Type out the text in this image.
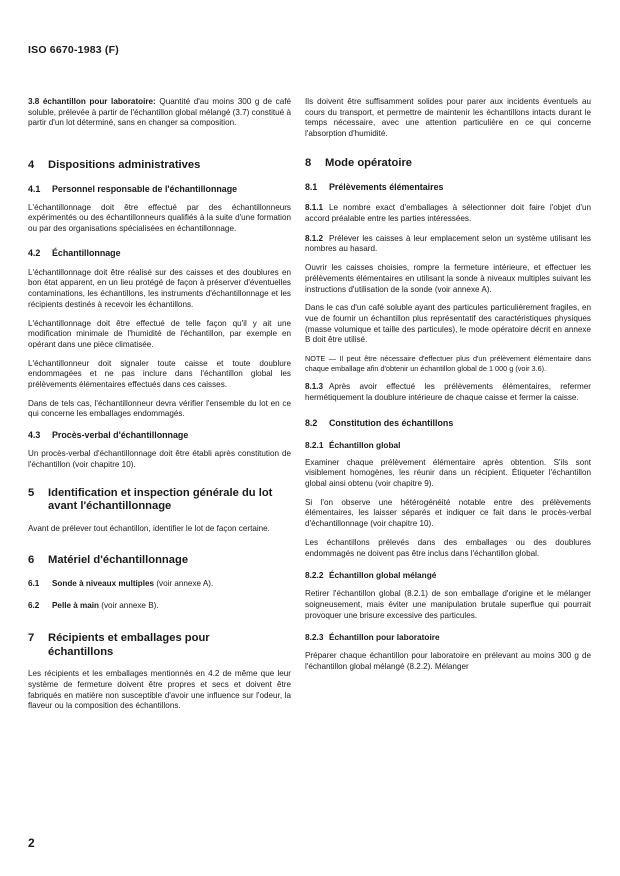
ISO 6670-1983 (F)

3.8 échantillon pour laboratoire: Quantité d'au moins 300 g de café soluble, prélevée à partir de l'échantillon global mélangé (3.7) constitué à partir d'un lot déterminé, sans en changer sa composition.

4 Dispositions administratives
4.1 Personnel responsable de l'échantillonnage

L'échantillonnage doit être effectué par des échantillonneurs expérimentés ou des échantillonneurs qualifiés à la suite d'une formation ou par des organisations spécialisées en échantillonnage.

4.2 Échantillonnage

L'échantillonnage doit être réalisé sur des caisses et des doublures en bon état apparent, en un lieu protégé de façon à préserver d'éventuelles contaminations, les échantillons, les instruments d'échantillonnage et les récipients destinés à recevoir les échantillons.

L'échantillonnage doit être effectué de telle façon qu'il y ait une modification minimale de l'humidité de l'échantillon, par exemple en opérant dans une pièce climatisée.

L'échantillonneur doit signaler toute caisse et toute doublure endommagées et ne pas inclure dans l'échantillon global les prélèvements élémentaires effectués dans ces caisses.

Dans de tels cas, l'échantillonneur devra vérifier l'ensemble du lot en ce qui concerne les emballages endommagés.

4.3 Procès-verbal d'échantillonnage

Un procès-verbal d'échantillonnage doit être établi après constitution de l'échantillon (voir chapitre 10).

5 Identification et inspection générale du lot
avant l'échantillonnage

Avant de prélever tout échantillon, identifier le lot de façon certaine.

6 Matériel d'échantillonnage

6.1 Sonde à niveaux multiples (voir annexe A).

6.2 Pelle à main (voir annexe B).

7 Récipients et emballages pour
échantillons

Les récipients et les emballages mentionnés en 4.2 de même que leur système de fermeture doivent être propres et secs et doivent être fabriqués en matière non susceptible d'avoir une influence sur l'odeur, la flaveur ou la composition des échantillons.

Ils doivent être suffisamment solides pour parer aux incidents éventuels au cours du transport, et permettre de maintenir les échantillons intacts durant le temps nécessaire, avec une attention particulière en ce qui concerne l'absorption d'humidité.

8 Mode opératoire
8.1 Prélèvements élémentaires

8.1.1 Le nombre exact d'emballages à sélectionner doit faire l'objet d'un accord préalable entre les parties intéressées.

8.1.2 Prélever les caisses à leur emplacement selon un système utilisant les nombres au hasard.

Ouvrir les caisses choisies, rompre la fermeture intérieure, et effectuer les prélèvements élémentaires en utilisant la sonde à niveaux multiples suivant les instructions d'utilisation de la sonde (voir annexe A).

Dans le cas d'un café soluble ayant des particules particulièrement fragiles, en vue de fournir un échantillon plus représentatif des caractéristiques physiques (masse volumique et taille des particules), le mode opératoire décrit en annexe B doit être utilisé.

NOTE — Il peut être nécessaire d'effectuer plus d'un prélèvement élémentaire dans chaque emballage afin d'obtenir un échantillon global de 1 000 g (voir 3.6).

8.1.3 Après avoir effectué les prélèvements élémentaires, refermer hermétiquement la doublure intérieure de chaque caisse et fermer la caisse.

8.2 Constitution des échantillons
8.2.1 Échantillon global

Examiner chaque prélèvement élémentaire après obtention. S'ils sont visiblement homogènes, les réunir dans un récipient. Étiqueter l'échantillon global ainsi obtenu (voir chapitre 9).

Si l'on observe une hétérogénéité notable entre des prélèvements élémentaires, les laisser séparés et indiquer ce fait dans le procès-verbal d'échantillonnage (voir chapitre 10).

Les échantillons prélevés dans des emballages ou des doublures endommagés ne doivent pas être inclus dans l'échantillon global.

8.2.2 Échantillon global mélangé

Retirer l'échantillon global (8.2.1) de son emballage d'origine et le mélanger soigneusement, mais éviter une manipulation brutale superflue qui pourrait provoquer une brisure excessive des particules.

8.2.3 Échantillon pour laboratoire

Préparer chaque échantillon pour laboratoire en prélevant au moins 300 g de l'échantillon global mélangé (8.2.2). Mélanger

2
